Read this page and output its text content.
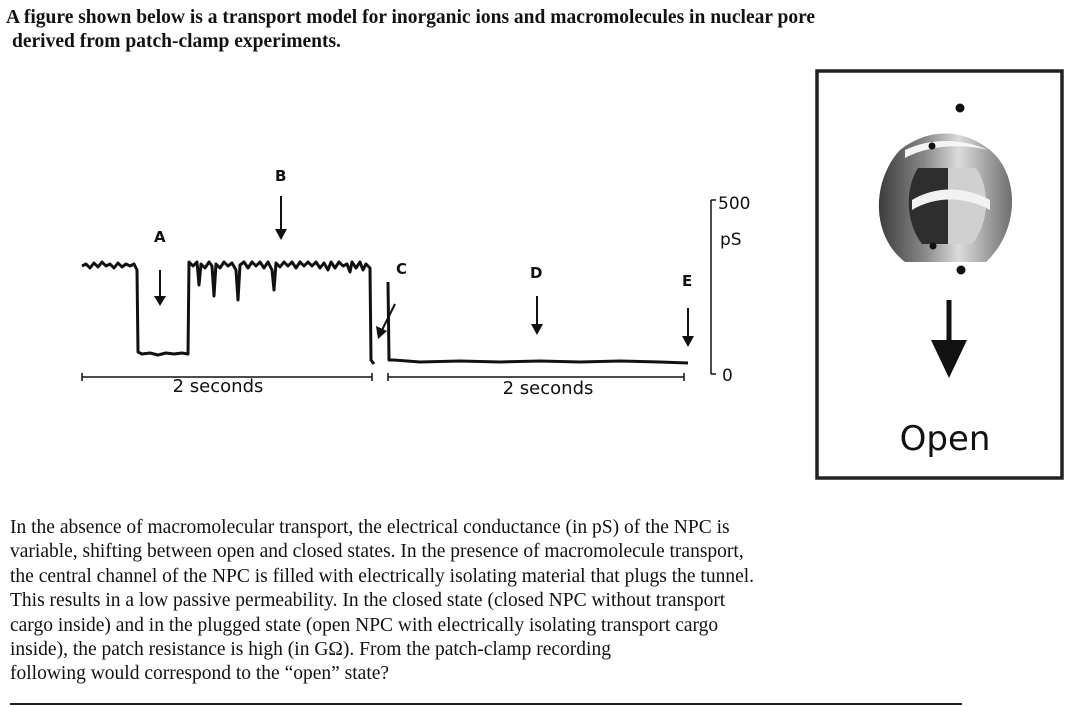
A figure shown below is a transport model for inorganic ions and macromolecules in nuclear pore
derived from patch-clamp experiments.

A
B
C	D	E
2 seconds	2 seconds
500
pS
0
Open

In the absence of macromolecular transport, the electrical conductance (in pS) of the NPC is
variable, shifting between open and closed states. In the presence of macromolecule transport,
the central channel of the NPC is filled with electrically isolating material that plugs the tunnel.
This results in a low passive permeability. In the closed state (closed NPC without transport
cargo inside) and in the plugged state (open NPC with electrically isolating transport cargo
inside), the patch resistance is high (in GΩ). From the patch-clamp recording
following would correspond to the “open” state?
